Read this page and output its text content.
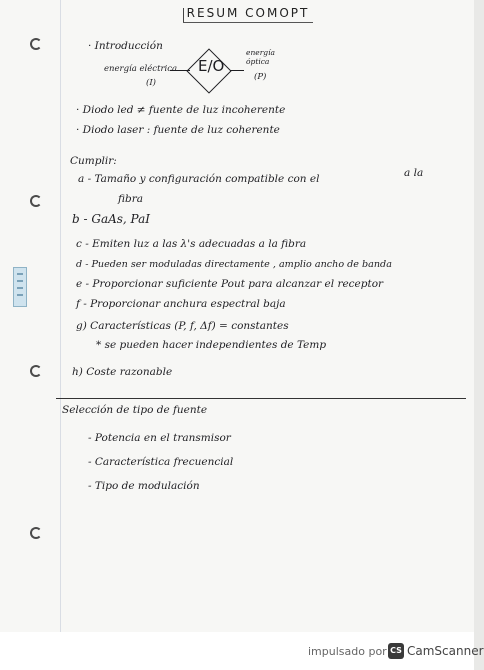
RESUM COMOPT
· Introducción
energía eléctrica
(I)
E/O
energía óptica
(P)
· Diodo led ≠ fuente de luz incoherente
· Diodo laser : fuente de luz coherente
Cumplir:
a - Tamaño y configuración compatible con el	a la
fibra
b - GaAs, PaI
c - Emiten luz a las λ's adecuadas a la fibra
d - Pueden ser moduladas directamente , amplio ancho de banda
e - Proporcionar suficiente Pout para alcanzar el receptor
f - Proporcionar anchura espectral baja
g) Características (P, f, Δf) = constantes
* se pueden hacer independientes de Temp
h) Coste razonable
Selección de tipo de fuente
- Potencia en el transmisor
- Característica frecuencial
- Tipo de modulación
impulsado por CS CamScanner
